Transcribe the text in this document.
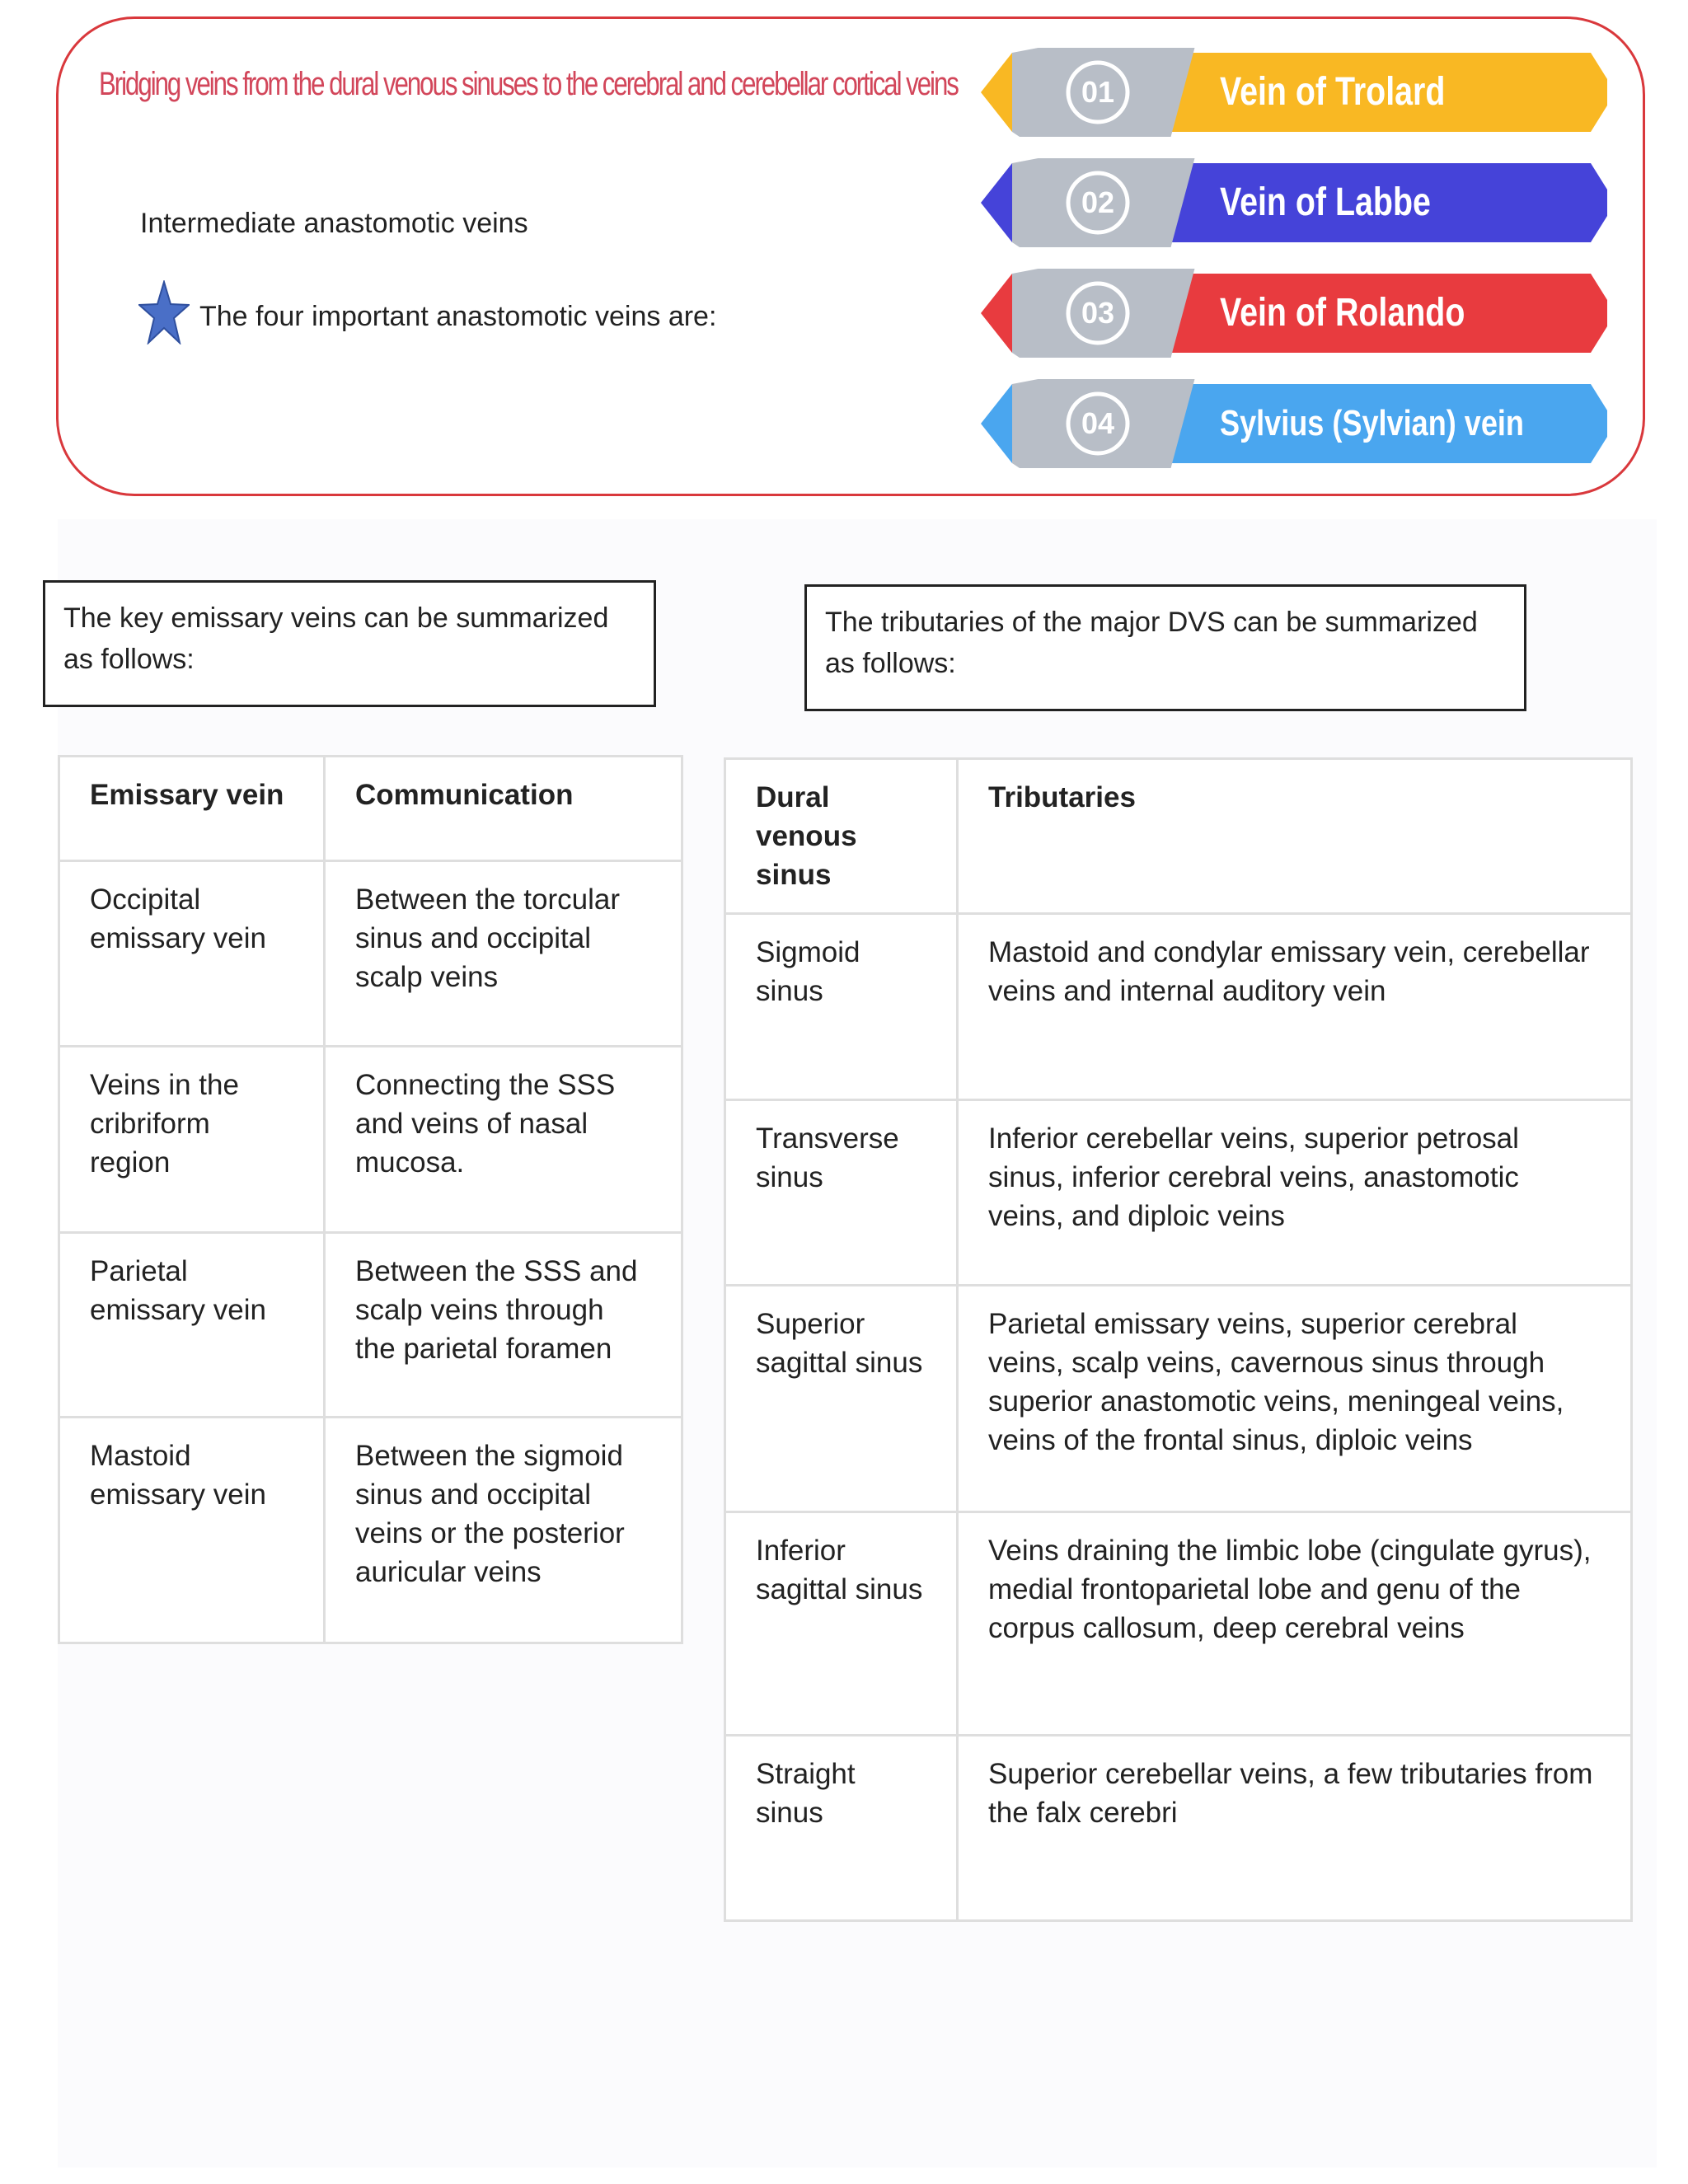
Bridging veins from the dural venous sinuses to the cerebral and cerebellar cortical veins
Intermediate anastomotic veins
The four important anastomotic veins are:
01	Vein of Trolard
02	Vein of Labbe
03	Vein of Rolando
04	Sylvius (Sylvian) vein
The key emissary veins can be summarized as follows:
The tributaries of the major DVS can be summarized as follows:
Emissary vein	Communication
Occipital emissary vein	Between the torcular sinus and occipital scalp veins
Veins in the cribriform region	Connecting the SSS and veins of nasal mucosa.
Parietal emissary vein	Between the SSS and scalp veins through the parietal foramen
Mastoid emissary vein	Between the sigmoid sinus and occipital veins or the posterior auricular veins
Dural venous sinus	Tributaries
Sigmoid sinus	Mastoid and condylar emissary vein, cerebellar veins and internal auditory vein
Transverse sinus	Inferior cerebellar veins, superior petrosal sinus, inferior cerebral veins, anastomotic veins, and diploic veins
Superior sagittal sinus	Parietal emissary veins, superior cerebral veins, scalp veins, cavernous sinus through superior anastomotic veins, meningeal veins, veins of the frontal sinus, diploic veins
Inferior sagittal sinus	Veins draining the limbic lobe (cingulate gyrus), medial frontoparietal lobe and genu of the corpus callosum, deep cerebral veins
Straight sinus	Superior cerebellar veins, a few tributaries from the falx cerebri
